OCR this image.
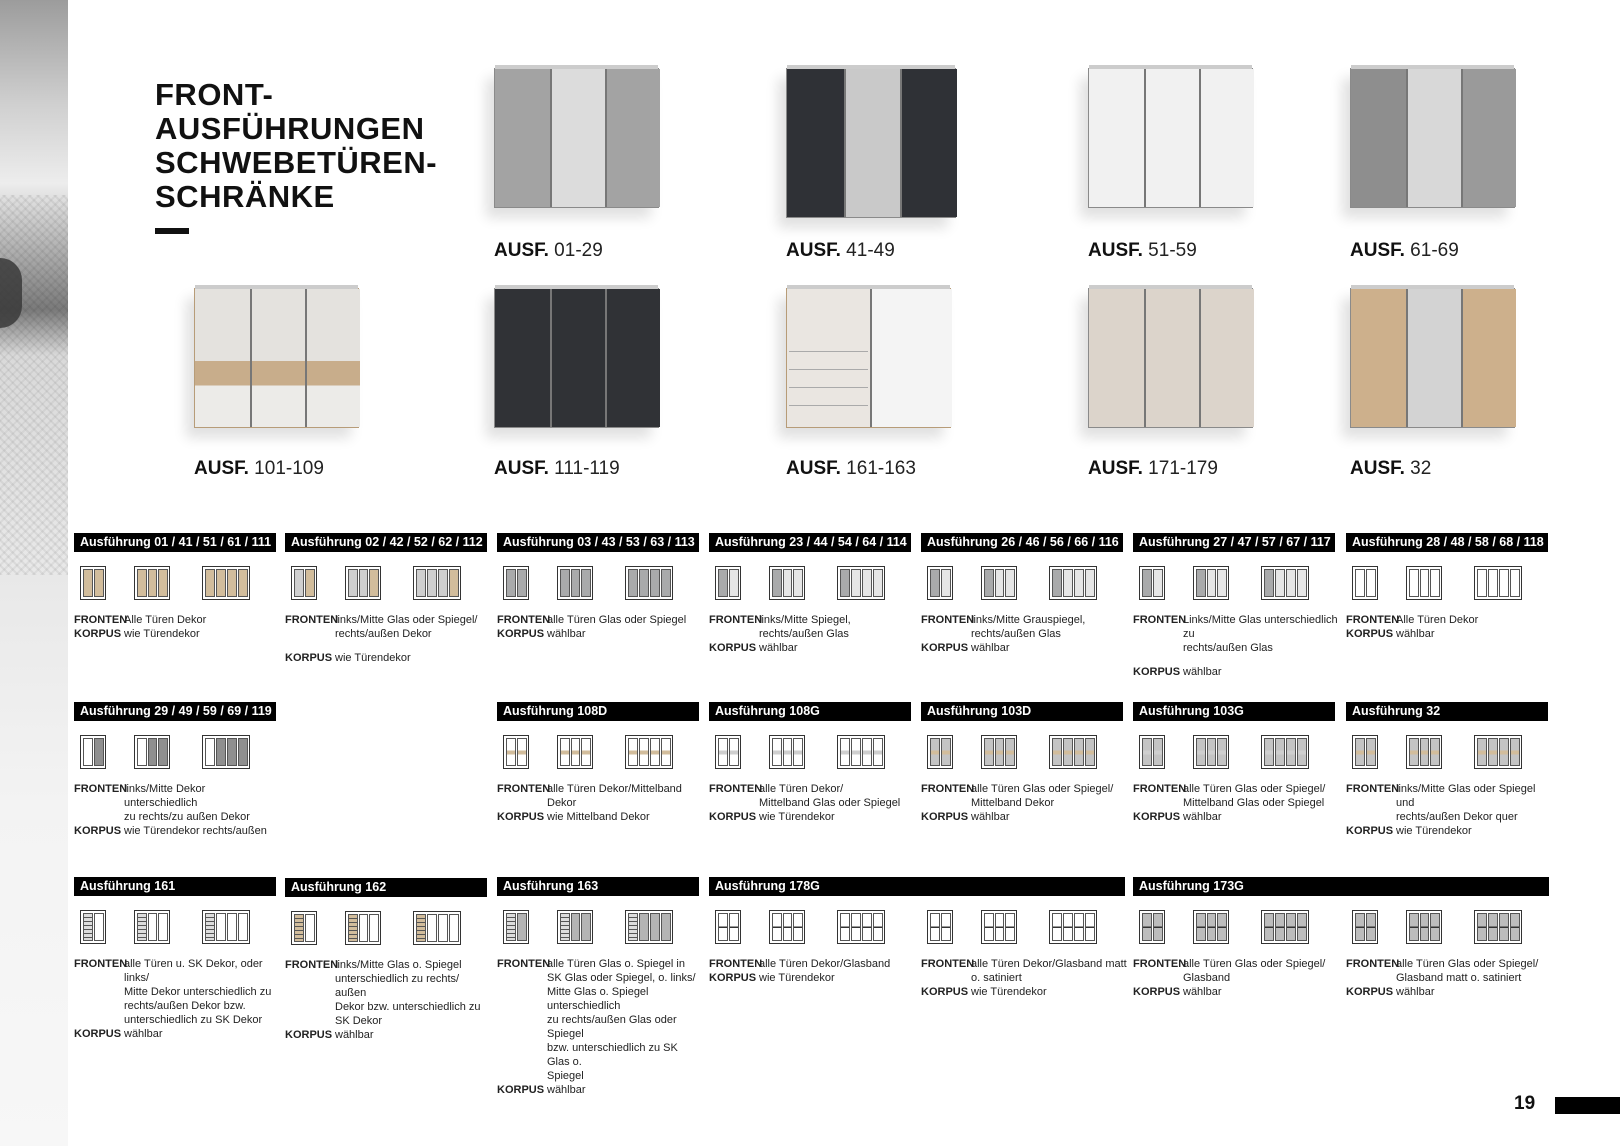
FRONT-
AUSFÜHRUNGEN
SCHWEBETÜREN-
SCHRÄNKE
AUSF. 01-29	AUSF. 41-49	AUSF. 51-59	AUSF. 61-69
AUSF. 101-109	AUSF. 111-119	AUSF. 161-163	AUSF. 171-179	AUSF. 32
Ausführung 01 / 41 / 51 / 61 / 111
FRONTEN
Alle Türen Dekor
KORPUS wie Türendekor
Ausführung 02 / 42 / 52 / 62 / 112
FRONTEN
links/Mitte Glas oder Spiegel/
rechts/außen Dekor
KORPUS wie Türendekor
Ausführung 03 / 43 / 53 / 63 / 113
FRONTEN
alle Türen Glas oder Spiegel
KORPUS wählbar
Ausführung 23 / 44 / 54 / 64 / 114
FRONTEN
links/Mitte Spiegel,
rechts/außen Glas
KORPUS wählbar
Ausführung 26 / 46 / 56 / 66 / 116
FRONTEN
links/Mitte Grauspiegel,
rechts/außen Glas
KORPUS wählbar
Ausführung 27 / 47 / 57 / 67 / 117
FRONTEN
Links/Mitte Glas unterschiedlich zu
rechts/außen Glas
KORPUS wählbar
Ausführung 28 / 48 / 58 / 68 / 118
FRONTEN
Alle Türen Dekor
KORPUS wählbar
Ausführung 29 / 49 / 59 / 69 / 119
FRONTEN
links/Mitte Dekor unterschiedlich
zu rechts/zu außen Dekor
KORPUS wie Türendekor rechts/außen
Ausführung 108D
FRONTEN
alle Türen Dekor/Mittelband Dekor
KORPUS wie Mittelband Dekor
Ausführung 108G
FRONTEN
alle Türen Dekor/
Mittelband Glas oder Spiegel
KORPUS wie Türendekor
Ausführung 103D
FRONTEN
alle Türen Glas oder Spiegel/
Mittelband Dekor
KORPUS wählbar
Ausführung 103G
FRONTEN
alle Türen Glas oder Spiegel/
Mittelband Glas oder Spiegel
KORPUS wählbar
Ausführung 32
FRONTEN
links/Mitte Glas oder Spiegel und
rechts/außen Dekor quer
KORPUS wie Türendekor
Ausführung 161
FRONTEN
alle Türen u. SK Dekor, oder links/
Mitte Dekor unterschiedlich zu
rechts/außen Dekor bzw.
unterschiedlich zu SK Dekor
KORPUS wählbar
Ausführung 162
FRONTEN
links/Mitte Glas o. Spiegel
unterschiedlich zu rechts/ außen
Dekor bzw. unterschiedlich zu
SK Dekor
KORPUS wählbar
Ausführung 163
FRONTEN
alle Türen Glas o. Spiegel in
SK Glas oder Spiegel, o. links/
Mitte Glas o. Spiegel unterschiedlich
zu rechts/außen Glas oder Spiegel
bzw. unterschiedlich zu SK Glas o.
Spiegel
KORPUS wählbar
Ausführung 178G
FRONTEN
alle Türen Dekor/Glasband
KORPUS wie Türendekor
FRONTEN
alle Türen Dekor/Glasband matt
o. satiniert
KORPUS wie Türendekor
Ausführung 173G
FRONTEN
alle Türen Glas oder Spiegel/
Glasband
KORPUS wählbar
FRONTEN
alle Türen Glas oder Spiegel/
Glasband matt o. satiniert
KORPUS wählbar
19
